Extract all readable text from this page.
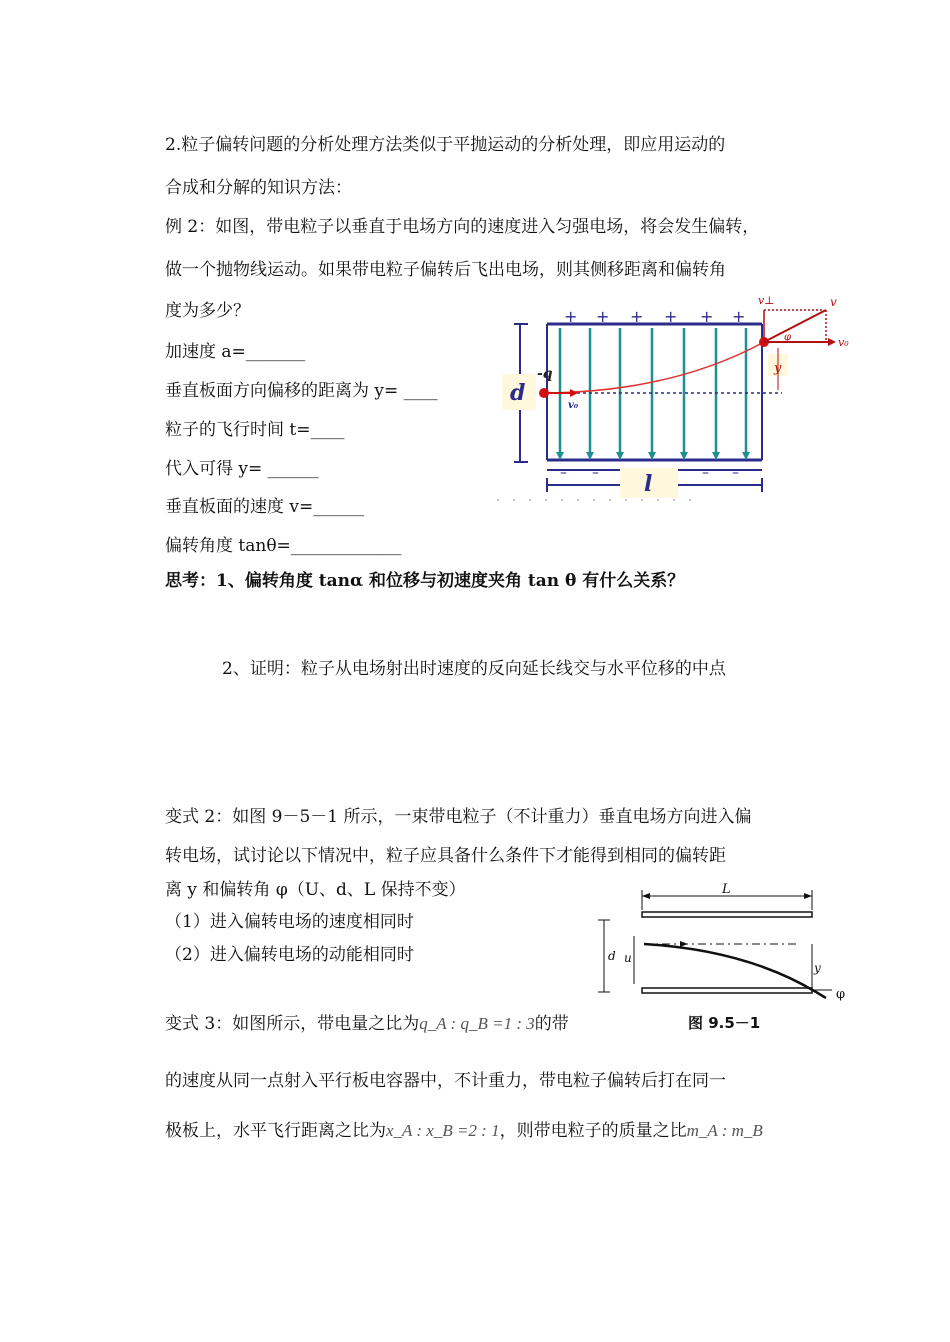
2.粒子偏转问题的分析处理方法类似于平抛运动的分析处理，即应用运动的
合成和分解的知识方法：
例 2：如图，带电粒子以垂直于电场方向的速度进入匀强电场，将会发生偏转，
做一个抛物线运动。如果带电粒子偏转后飞出电场，则其侧移距离和偏转角
度为多少？
加速度 a=_______
垂直板面方向偏移的距离为 y= ____
粒子的飞行时间 t=____
代入可得 y= ______
垂直板面的速度 v=______
偏转角度 tanθ=_____________
思考：1、偏转角度 tanα 和位移与初速度夹角 tan θ 有什么关系？
2、证明：粒子从电场射出时速度的反向延长线交与水平位移的中点
变式 2：如图 9－5－1 所示，一束带电粒子（不计重力）垂直电场方向进入偏
转电场，试讨论以下情况中，粒子应具备什么条件下才能得到相同的偏转距
离 y 和偏转角 φ（U、d、L 保持不变）
（1）进入偏转电场的速度相同时
（2）进入偏转电场的动能相同时
变式 3：如图所示，带电量之比为q_A : q_B =1 : 3的带
的速度从同一点射入平行板电容器中，不计重力，带电粒子偏转后打在同一
极板上，水平飞行距离之比为x_A : x_B =2 : 1，则带电粒子的质量之比m_A : m_B
+ + + + + +
v⊥	v
v₀
φ
y
d
-q
v₀
– –	– –
l
L
d u
y
φ
图 9.5－1
